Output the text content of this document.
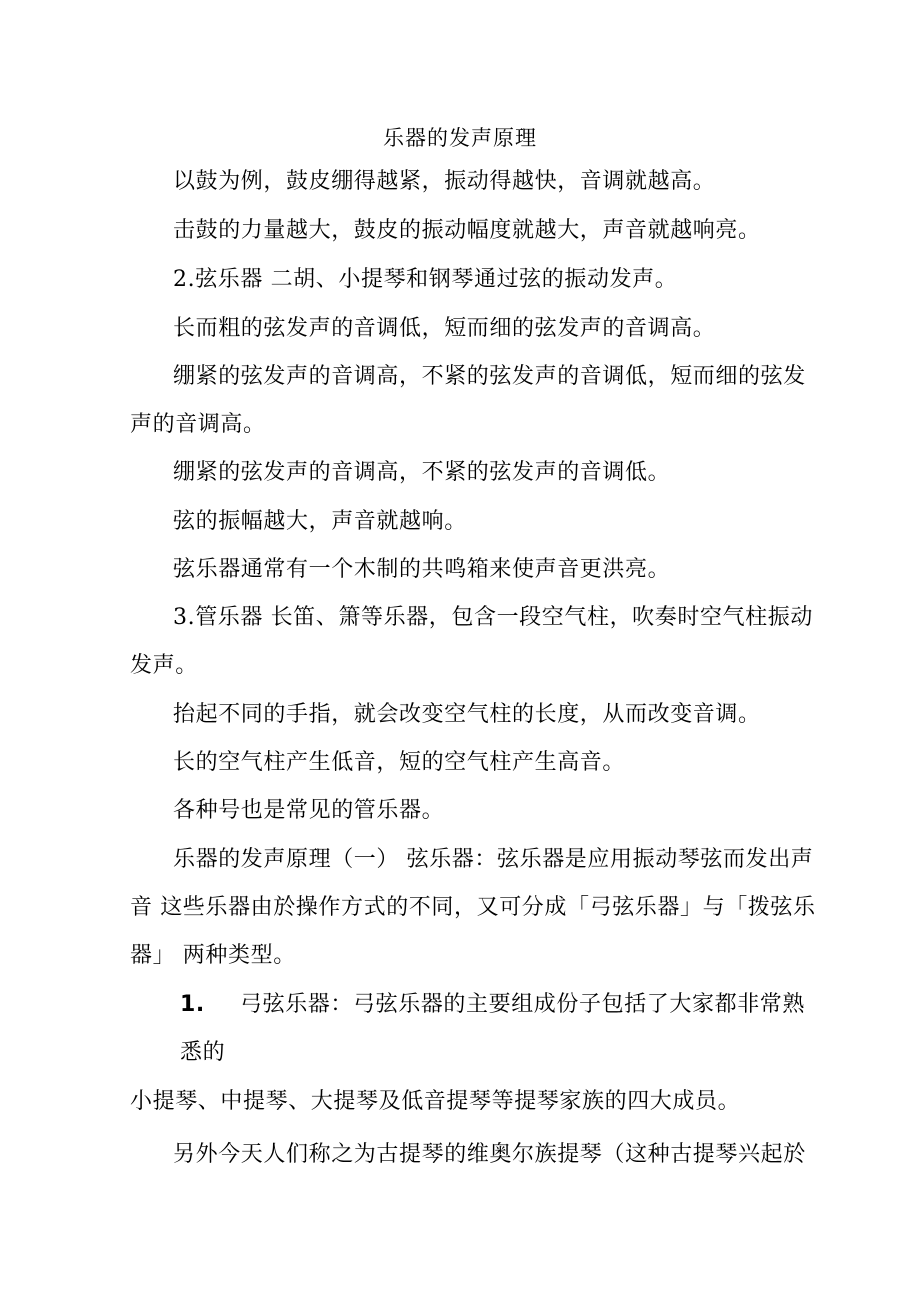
乐器的发声原理
以鼓为例，鼓皮绷得越紧，振动得越快，音调就越高。
击鼓的力量越大，鼓皮的振动幅度就越大，声音就越响亮。
2.弦乐器 二胡、小提琴和钢琴通过弦的振动发声。
长而粗的弦发声的音调低，短而细的弦发声的音调高。
绷紧的弦发声的音调高，不紧的弦发声的音调低，短而细的弦发
声的音调高。
绷紧的弦发声的音调高，不紧的弦发声的音调低。
弦的振幅越大，声音就越响。
弦乐器通常有一个木制的共鸣箱来使声音更洪亮。
3.管乐器 长笛、箫等乐器，包含一段空气柱，吹奏时空气柱振动
发声。
抬起不同的手指，就会改变空气柱的长度，从而改变音调。
长的空气柱产生低音，短的空气柱产生高音。
各种号也是常见的管乐器。
乐器的发声原理（一） 弦乐器：弦乐器是应用振动琴弦而发出声
音 这些乐器由於操作方式的不同，又可分成「弓弦乐器」与「拨弦乐
器」 两种类型。
1. 弓弦乐器：弓弦乐器的主要组成份子包括了大家都非常熟
悉的
小提琴、中提琴、大提琴及低音提琴等提琴家族的四大成员。
另外今天人们称之为古提琴的维奥尔族提琴（这种古提琴兴起於
